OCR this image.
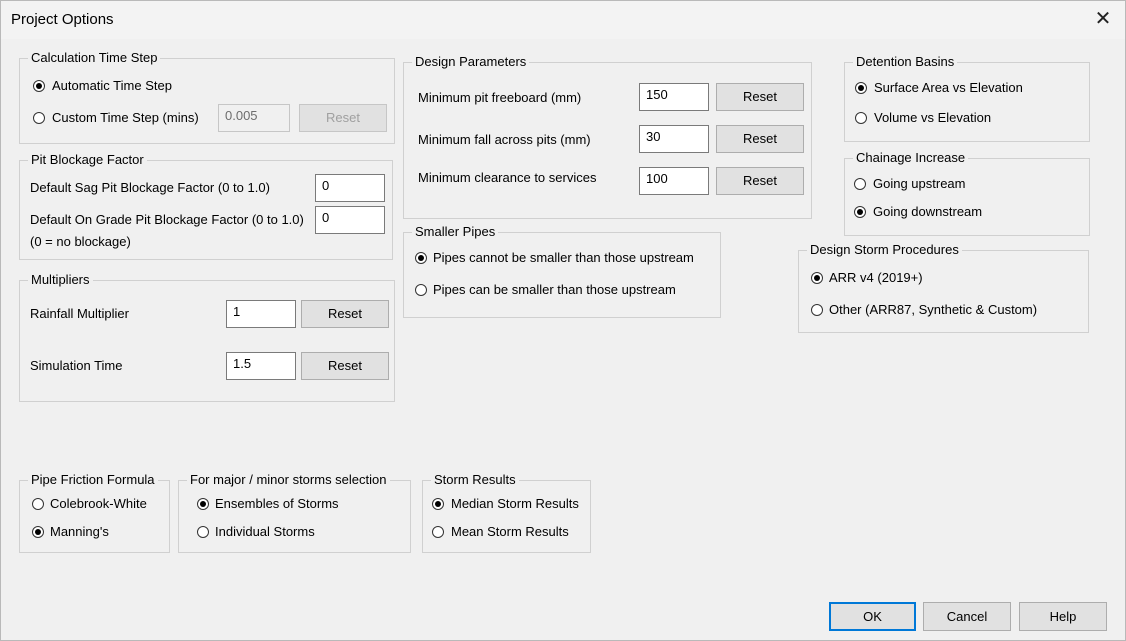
Project Options	✕
Calculation Time Step
Automatic Time Step
Custom Time Step (mins)	0.005	Reset
Pit Blockage Factor
Default Sag Pit Blockage Factor (0 to 1.0)	0
Default On Grade Pit Blockage Factor (0 to 1.0)	0
(0 = no blockage)
Multipliers
Rainfall Multiplier	1	Reset
Simulation Time	1.5	Reset
Design Parameters
Minimum pit freeboard (mm)	150	Reset
Minimum fall across pits (mm)	30	Reset
Minimum clearance to services	100	Reset
Smaller Pipes
Pipes cannot be smaller than those upstream
Pipes can be smaller than those upstream
Detention Basins
Surface Area vs Elevation
Volume vs Elevation
Chainage Increase
Going upstream
Going downstream
Design Storm Procedures
ARR v4 (2019+)
Other (ARR87, Synthetic & Custom)
Pipe Friction Formula
Colebrook-White
Manning's
For major / minor storms selection
Ensembles of Storms
Individual Storms
Storm Results
Median Storm Results
Mean Storm Results
OK	Cancel	Help
